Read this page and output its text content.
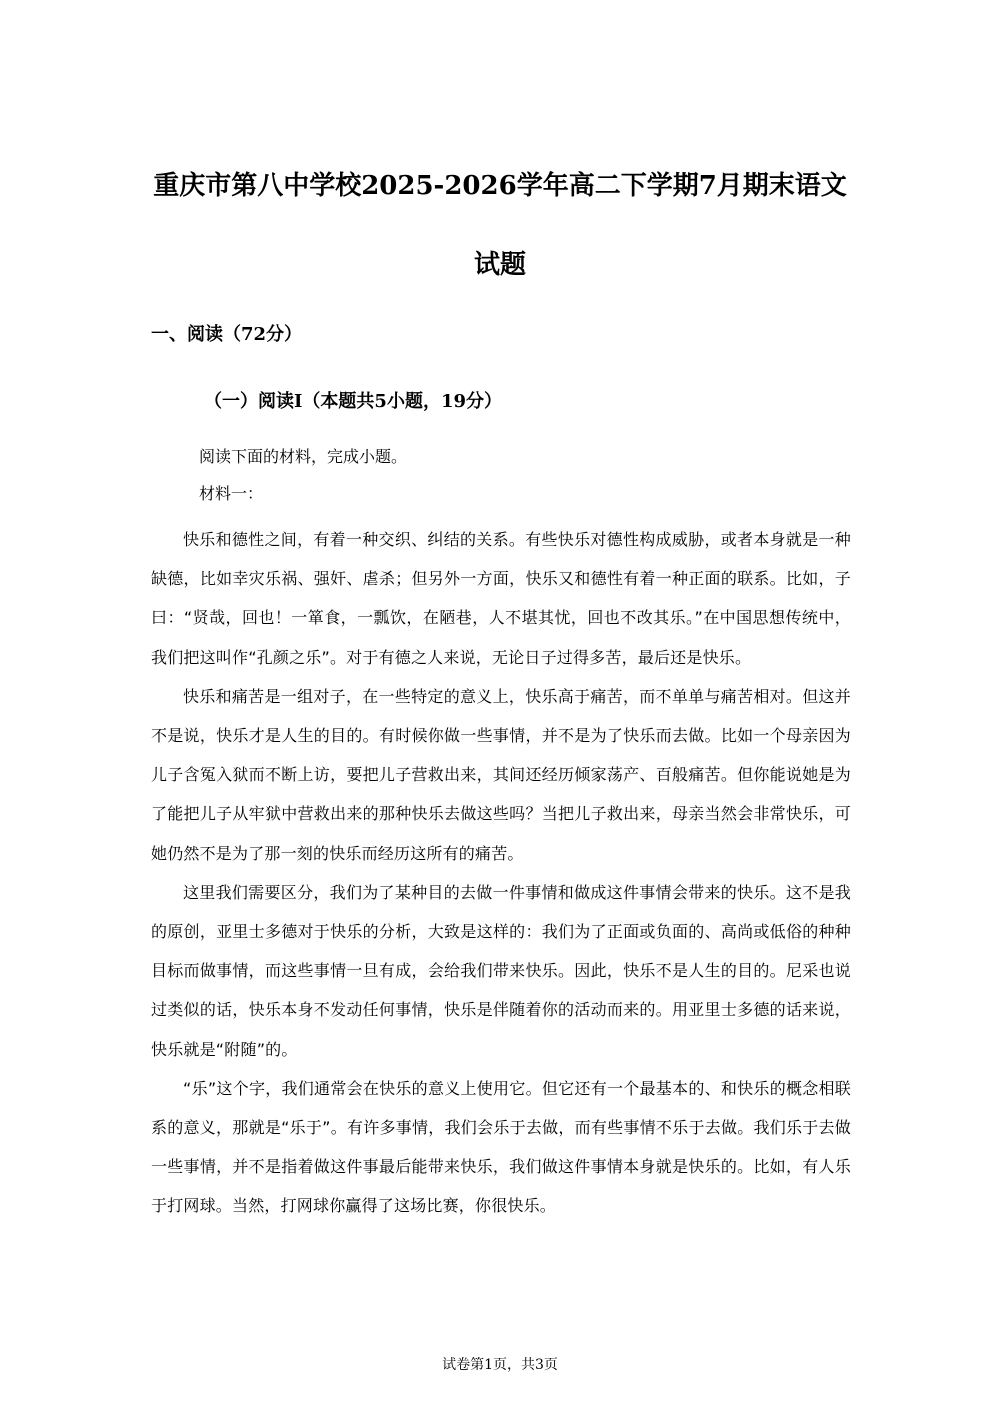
重庆市第八中学校2025-2026学年高二下学期7月期末语文
试题
一、阅读（72分）
（一）阅读Ⅰ（本题共5小题，19分）
阅读下面的材料，完成小题。
材料一：

快乐和德性之间，有着一种交织、纠结的关系。有些快乐对德性构成威胁，或者本身就是一种缺德，比如幸灾乐祸、强奸、虐杀；但另外一方面，快乐又和德性有着一种正面的联系。比如，子曰：“贤哉，回也！一箪食，一瓢饮，在陋巷，人不堪其忧，回也不改其乐。”在中国思想传统中，我们把这叫作“孔颜之乐”。对于有德之人来说，无论日子过得多苦，最后还是快乐。

快乐和痛苦是一组对子，在一些特定的意义上，快乐高于痛苦，而不单单与痛苦相对。但这并不是说，快乐才是人生的目的。有时候你做一些事情，并不是为了快乐而去做。比如一个母亲因为儿子含冤入狱而不断上访，要把儿子营救出来，其间还经历倾家荡产、百般痛苦。但你能说她是为了能把儿子从牢狱中营救出来的那种快乐去做这些吗？当把儿子救出来，母亲当然会非常快乐，可她仍然不是为了那一刻的快乐而经历这所有的痛苦。

这里我们需要区分，我们为了某种目的去做一件事情和做成这件事情会带来的快乐。这不是我的原创，亚里士多德对于快乐的分析，大致是这样的：我们为了正面或负面的、高尚或低俗的种种目标而做事情，而这些事情一旦有成，会给我们带来快乐。因此，快乐不是人生的目的。尼采也说过类似的话，快乐本身不发动任何事情，快乐是伴随着你的活动而来的。用亚里士多德的话来说，快乐就是“附随”的。

“乐”这个字，我们通常会在快乐的意义上使用它。但它还有一个最基本的、和快乐的概念相联系的意义，那就是“乐于”。有许多事情，我们会乐于去做，而有些事情不乐于去做。我们乐于去做一些事情，并不是指着做这件事最后能带来快乐，我们做这件事情本身就是快乐的。比如，有人乐于打网球。当然，打网球你赢得了这场比赛，你很快乐。

试卷第1页，共3页
